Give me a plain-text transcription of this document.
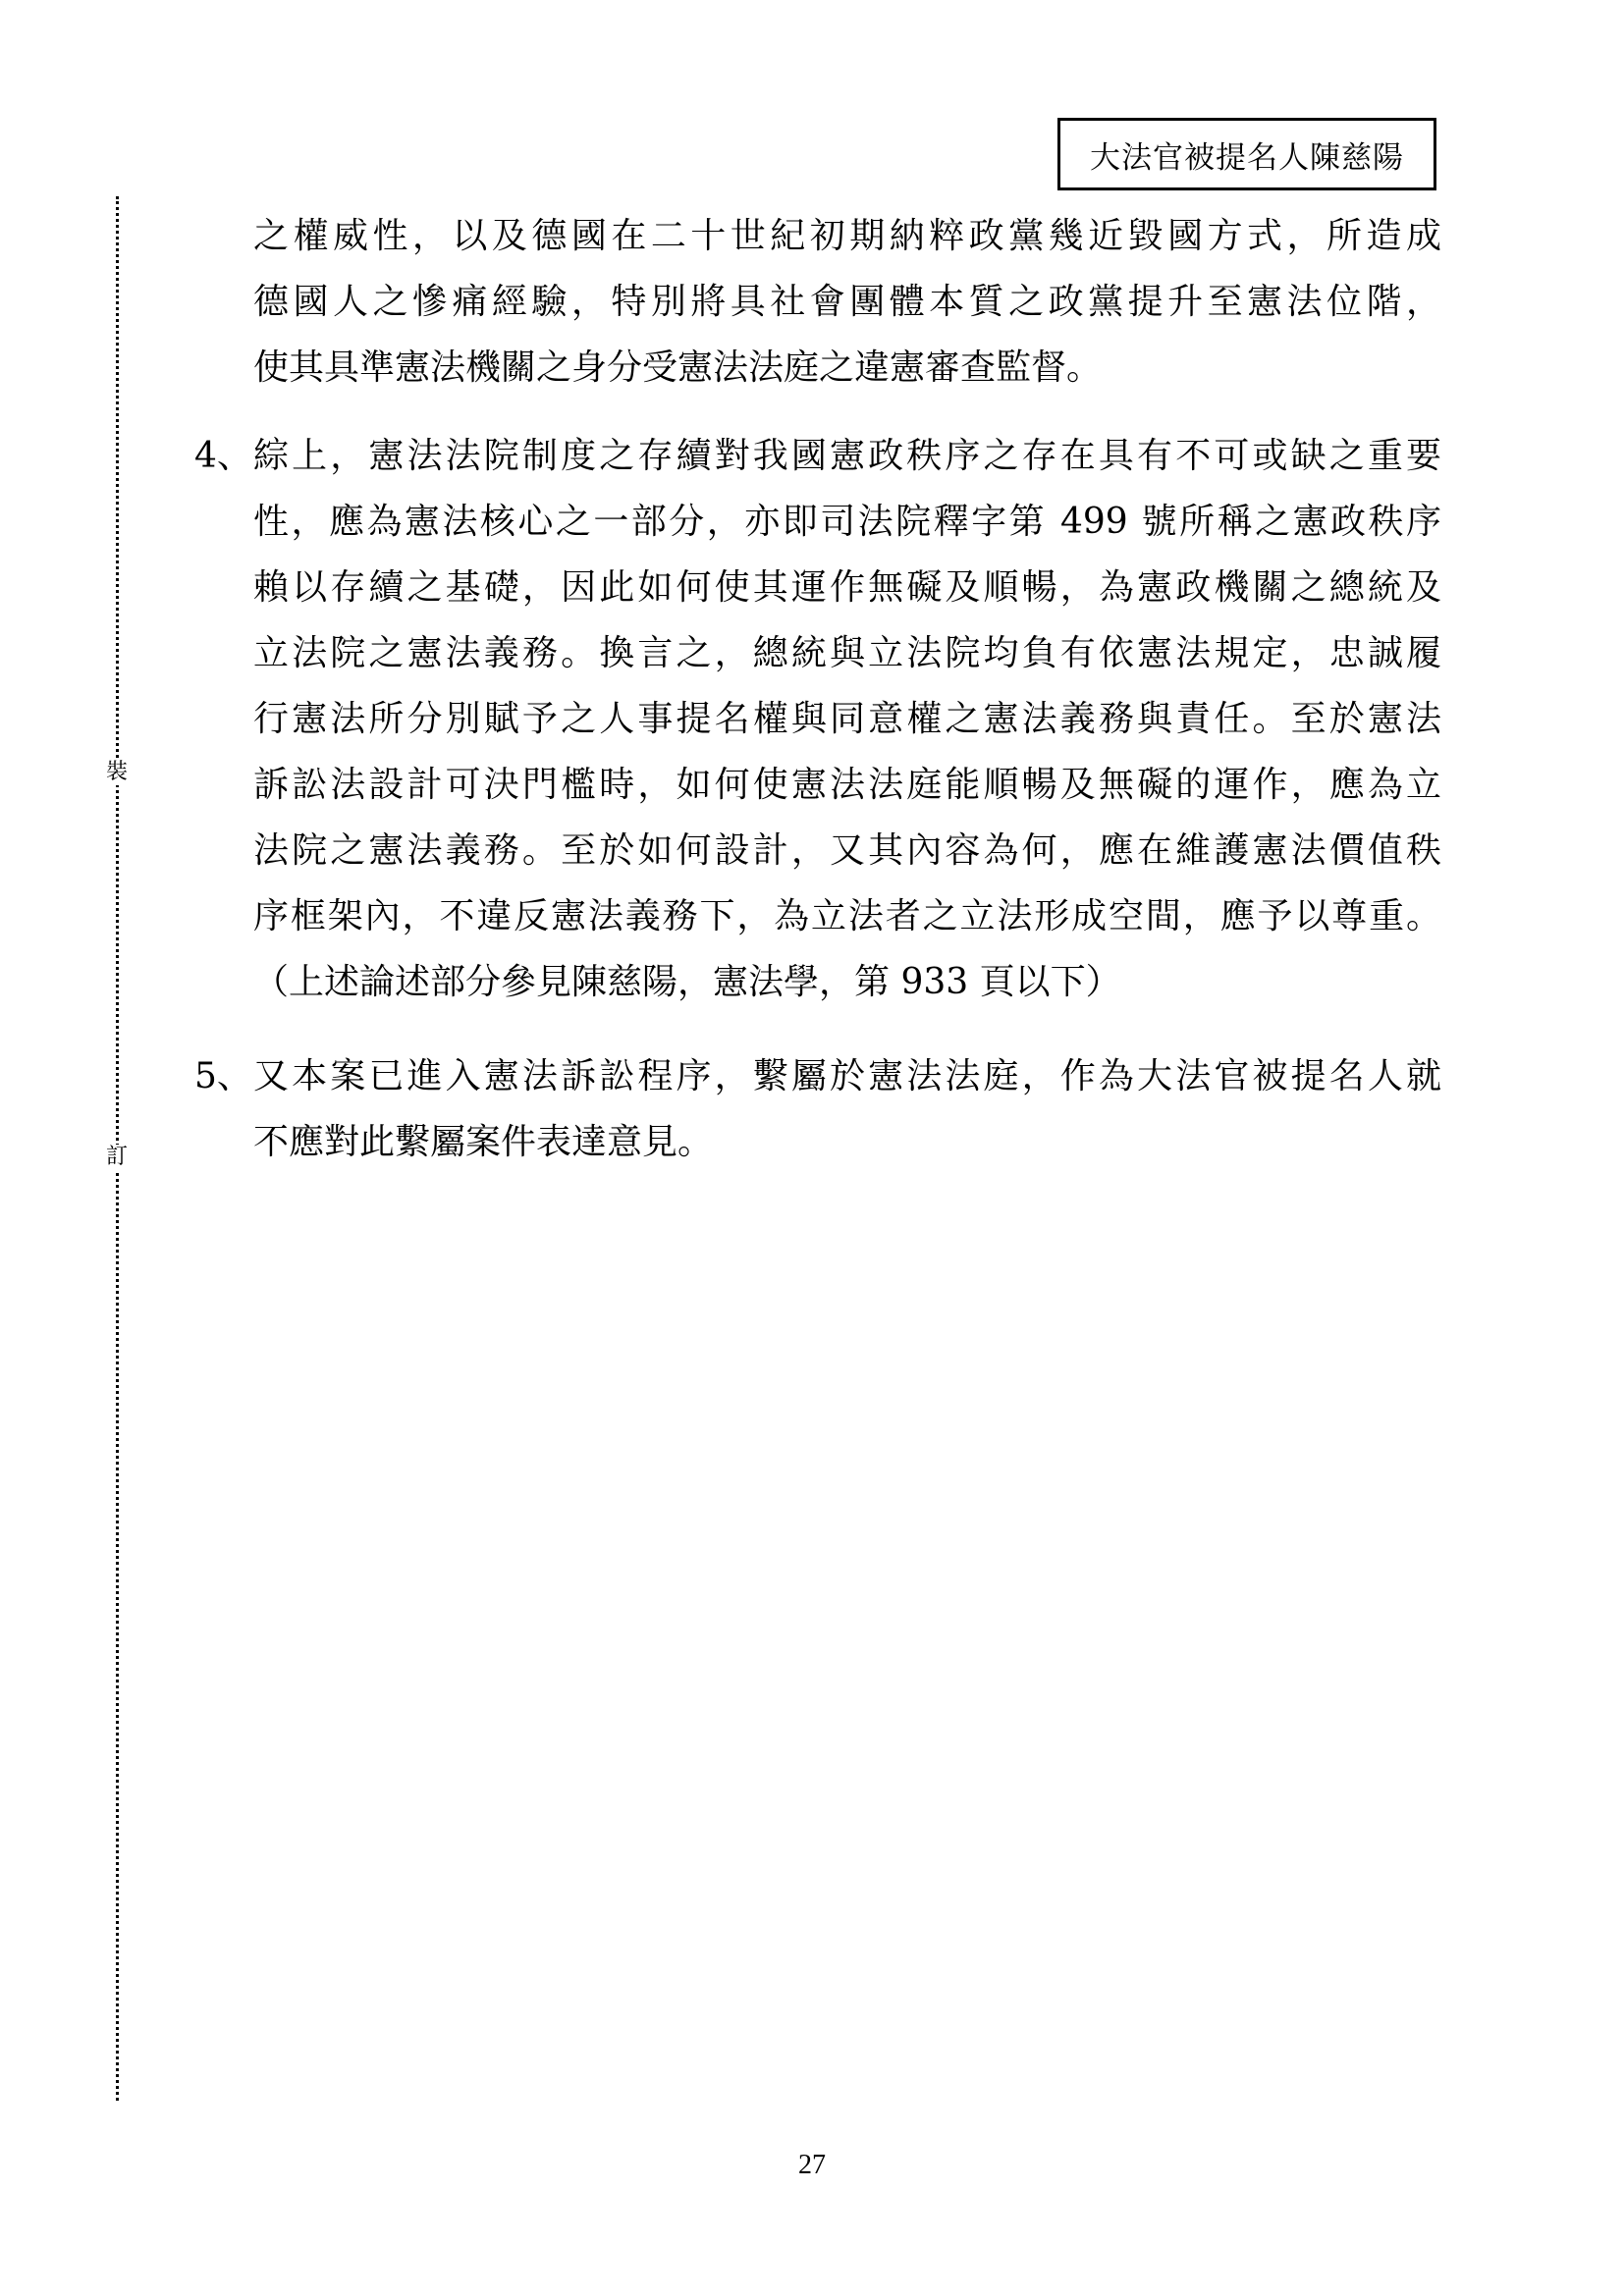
大法官被提名人陳慈陽
裝
訂
之權威性，以及德國在二十世紀初期納粹政黨幾近毀國方式，所造成
德國人之慘痛經驗，特別將具社會團體本質之政黨提升至憲法位階，
使其具準憲法機關之身分受憲法法庭之違憲審查監督。
4、 綜上，憲法法院制度之存續對我國憲政秩序之存在具有不可或缺之重要
性，應為憲法核心之一部分，亦即司法院釋字第 499 號所稱之憲政秩序
賴以存續之基礎，因此如何使其運作無礙及順暢，為憲政機關之總統及
立法院之憲法義務。換言之，總統與立法院均負有依憲法規定，忠誠履
行憲法所分別賦予之人事提名權與同意權之憲法義務與責任。至於憲法
訴訟法設計可決門檻時，如何使憲法法庭能順暢及無礙的運作，應為立
法院之憲法義務。至於如何設計，又其內容為何，應在維護憲法價值秩
序框架內，不違反憲法義務下，為立法者之立法形成空間，應予以尊重。
（上述論述部分參見陳慈陽，憲法學，第 933 頁以下）
5、 又本案已進入憲法訴訟程序，繫屬於憲法法庭，作為大法官被提名人就
不應對此繫屬案件表達意見。
27
